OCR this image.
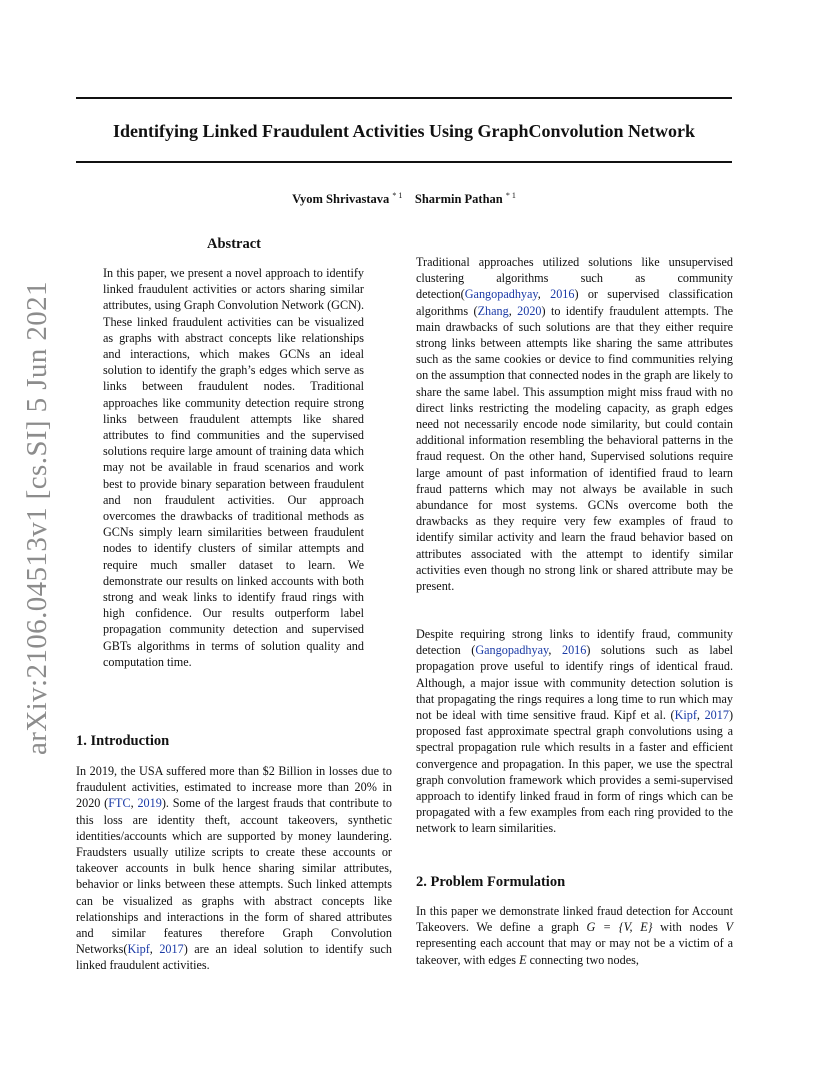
arXiv:2106.04513v1 [cs.SI] 5 Jun 2021
Identifying Linked Fraudulent Activities Using GraphConvolution Network
Vyom Shrivastava $^{* 1}$ Sharmin Pathan $^{* 1}$
Abstract
In this paper, we present a novel approach to identify linked fraudulent activities or actors sharing similar attributes, using Graph Convolution Network (GCN). These linked fraudulent activities can be visualized as graphs with abstract concepts like relationships and interactions, which makes GCNs an ideal solution to identify the graph’s edges which serve as links between fraudulent nodes. Traditional approaches like community detection require strong links between fraudulent attempts like shared attributes to find communities and the supervised solutions require large amount of training data which may not be available in fraud scenarios and work best to provide binary separation between fraudulent and non fraudulent activities. Our approach overcomes the drawbacks of traditional methods as GCNs simply learn similarities between fraudulent nodes to identify clusters of similar attempts and require much smaller dataset to learn. We demonstrate our results on linked accounts with both strong and weak links to identify fraud rings with high confidence. Our results outperform label propagation community detection and supervised GBTs algorithms in terms of solution quality and computation time.
1. Introduction
In 2019, the USA suffered more than $2 Billion in losses due to fraudulent activities, estimated to increase more than 20% in 2020 (FTC, 2019). Some of the largest frauds that contribute to this loss are identity theft, account takeovers, synthetic identities/accounts which are supported by money laundering. Fraudsters usually utilize scripts to create these accounts or takeover accounts in bulk hence sharing similar attributes, behavior or links between these attempts. Such linked attempts can be visualized as graphs with abstract concepts like relationships and interactions in the form of shared attributes and similar features therefore Graph Convolution Networks(Kipf, 2017) are an ideal solution to identify such linked fraudulent activities.
Traditional approaches utilized solutions like unsupervised clustering algorithms such as community detection(Gangopadhyay, 2016) or supervised classification algorithms (Zhang, 2020) to identify fraudulent attempts. The main drawbacks of such solutions are that they either require strong links between attempts like sharing the same attributes such as the same cookies or device to find communities relying on the assumption that connected nodes in the graph are likely to share the same label. This assumption might miss fraud with no direct links restricting the modeling capacity, as graph edges need not necessarily encode node similarity, but could contain additional information resembling the behavioral patterns in the fraud request. On the other hand, Supervised solutions require large amount of past information of identified fraud to learn fraud patterns which may not always be available in such abundance for most systems. GCNs overcome both the drawbacks as they require very few examples of fraud to identify similar activity and learn the fraud behavior based on attributes associated with the attempt to identify similar activities even though no strong link or shared attribute may be present.
Despite requiring strong links to identify fraud, community detection (Gangopadhyay, 2016) solutions such as label propagation prove useful to identify rings of identical fraud. Although, a major issue with community detection solution is that propagating the rings requires a long time to run which may not be ideal with time sensitive fraud. Kipf et al. (Kipf, 2017) proposed fast approximate spectral graph convolutions using a spectral propagation rule which results in a faster and efficient convergence and propagation. In this paper, we use the spectral graph convolution framework which provides a semi-supervised approach to identify linked fraud in form of rings which can be propagated with a few examples from each ring provided to the network to learn similarities.
2. Problem Formulation
In this paper we demonstrate linked fraud detection for Account Takeovers. We define a graph G = {V, E} with nodes V representing each account that may or may not be a victim of a takeover, with edges E connecting two nodes,
